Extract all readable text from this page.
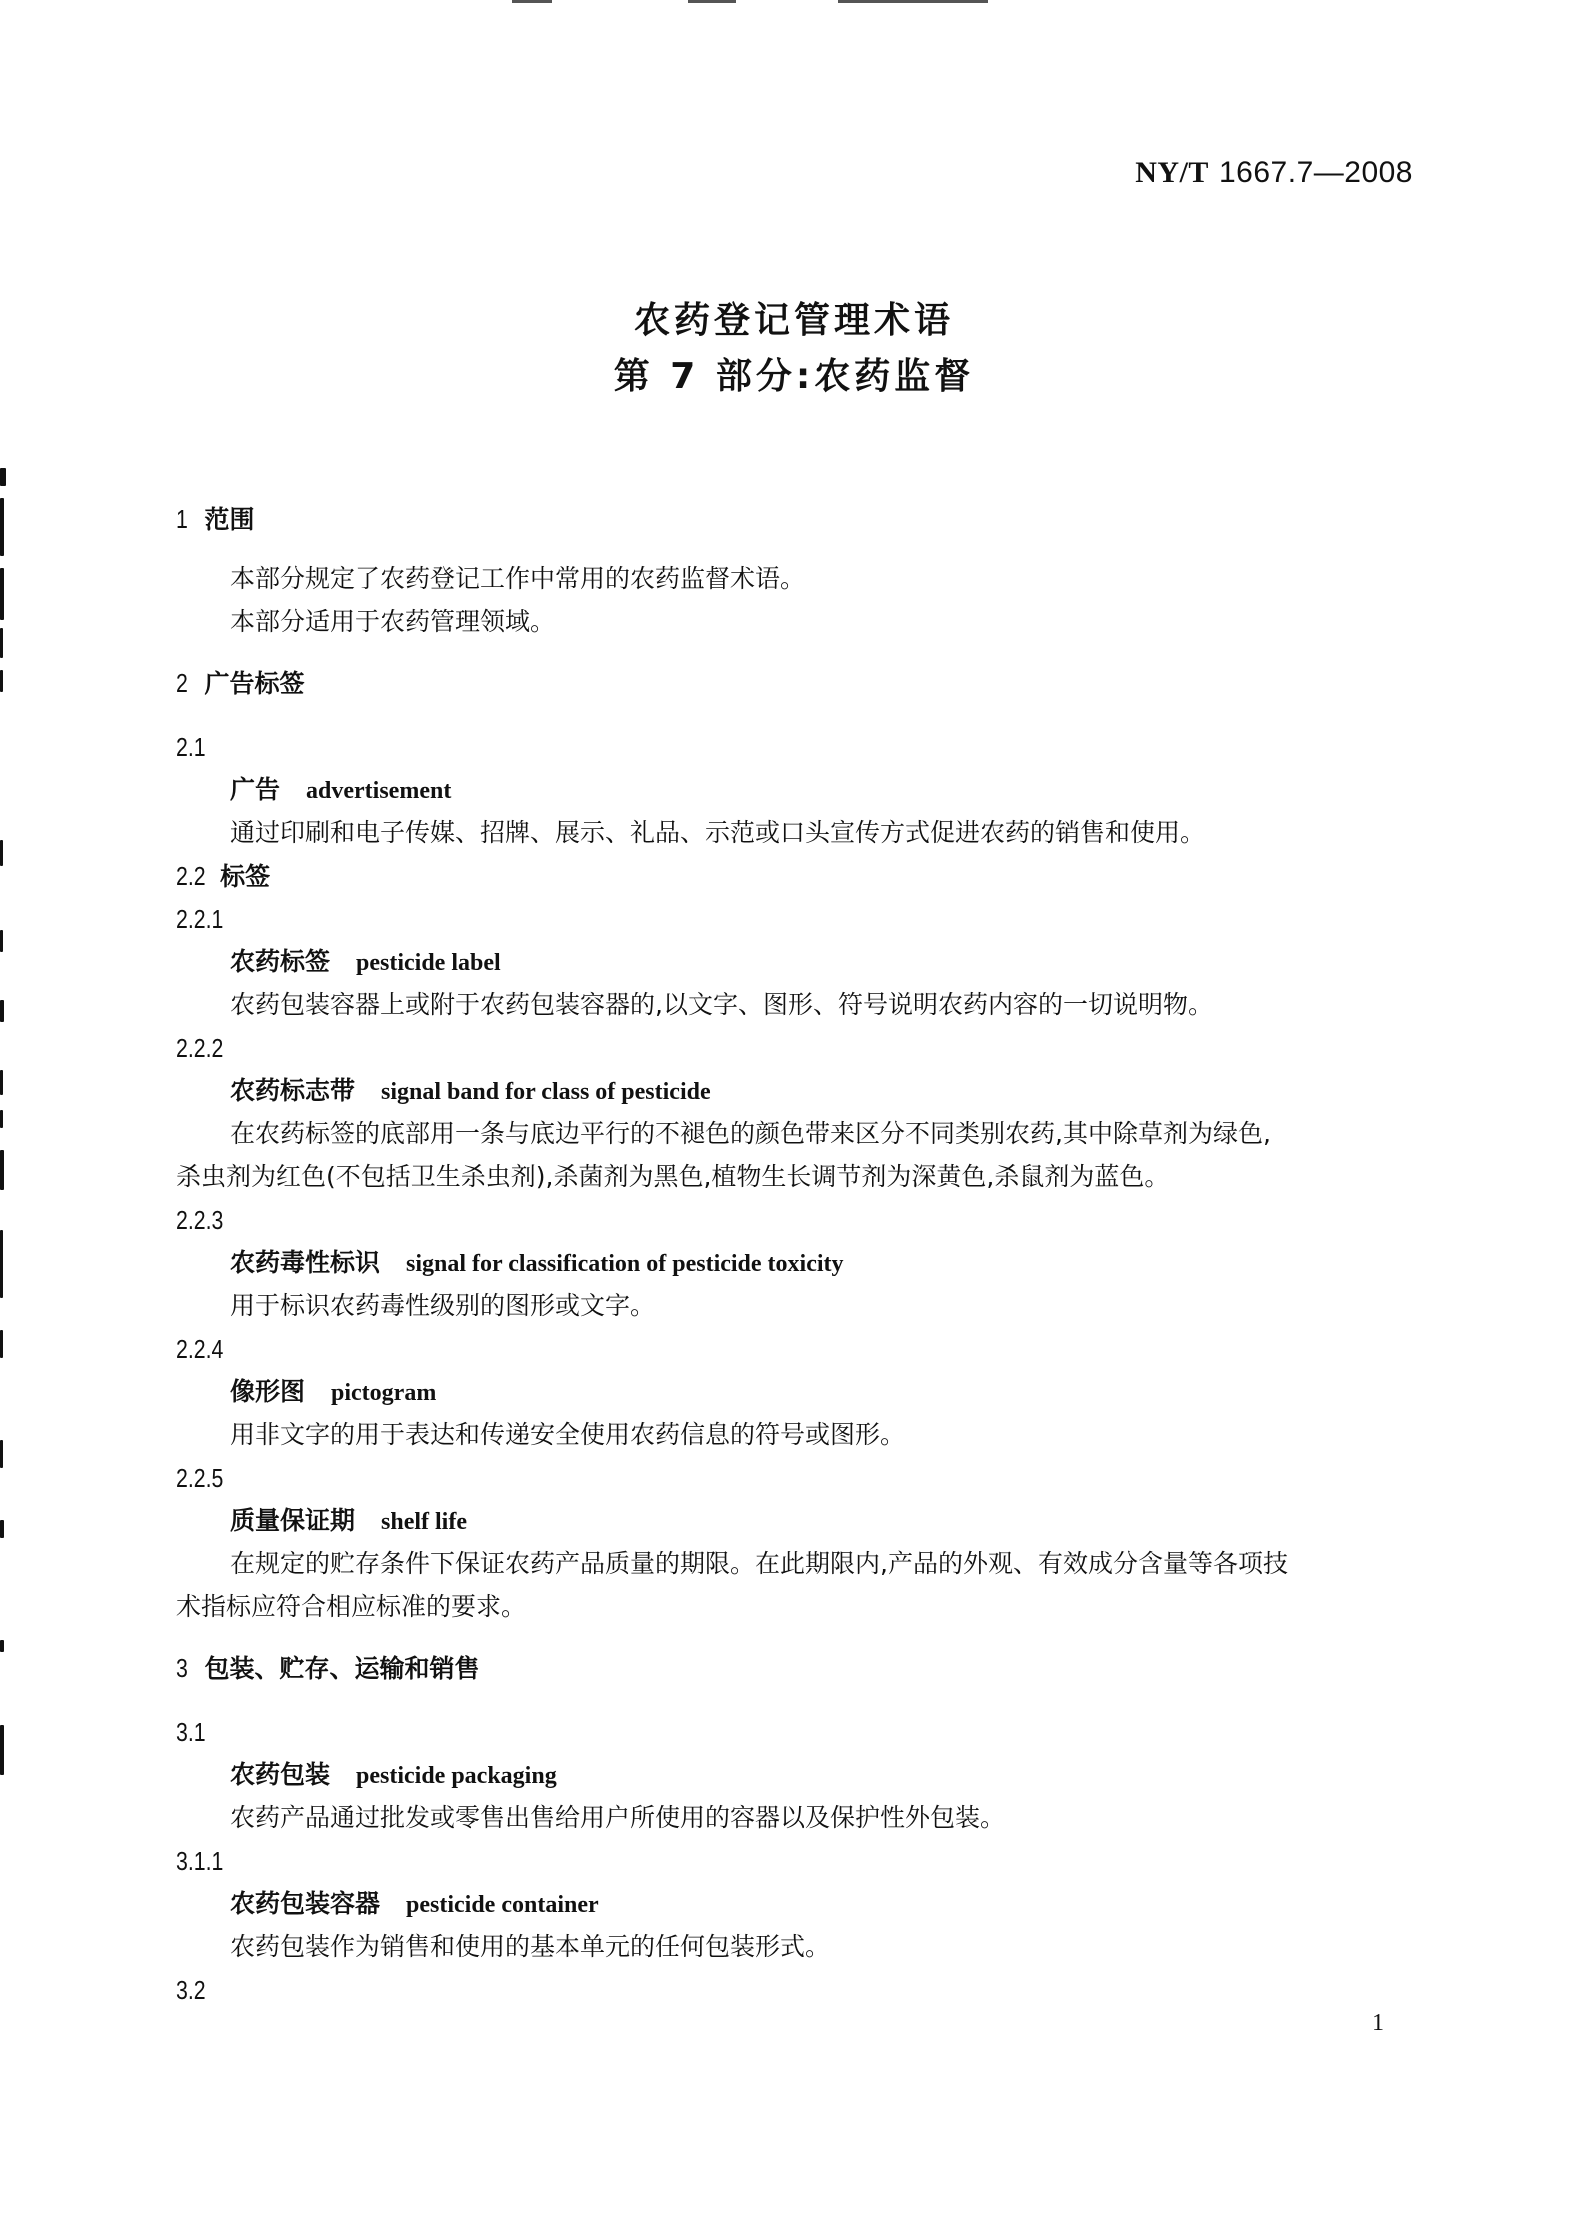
NY/T 1667.7—2008
农药登记管理术语
第 7 部分:农药监督
1 范围
本部分规定了农药登记工作中常用的农药监督术语。
本部分适用于农药管理领域。
2 广告标签
2.1
广告 advertisement
通过印刷和电子传媒、招牌、展示、礼品、示范或口头宣传方式促进农药的销售和使用。
2.2 标签
2.2.1
农药标签 pesticide label
农药包装容器上或附于农药包装容器的,以文字、图形、符号说明农药内容的一切说明物。
2.2.2
农药标志带 signal band for class of pesticide
在农药标签的底部用一条与底边平行的不褪色的颜色带来区分不同类别农药,其中除草剂为绿色,
杀虫剂为红色(不包括卫生杀虫剂),杀菌剂为黑色,植物生长调节剂为深黄色,杀鼠剂为蓝色。
2.2.3
农药毒性标识 signal for classification of pesticide toxicity
用于标识农药毒性级别的图形或文字。
2.2.4
像形图 pictogram
用非文字的用于表达和传递安全使用农药信息的符号或图形。
2.2.5
质量保证期 shelf life
在规定的贮存条件下保证农药产品质量的期限。在此期限内,产品的外观、有效成分含量等各项技
术指标应符合相应标准的要求。
3 包装、贮存、运输和销售
3.1
农药包装 pesticide packaging
农药产品通过批发或零售出售给用户所使用的容器以及保护性外包装。
3.1.1
农药包装容器 pesticide container
农药包装作为销售和使用的基本单元的任何包装形式。
3.2
1
